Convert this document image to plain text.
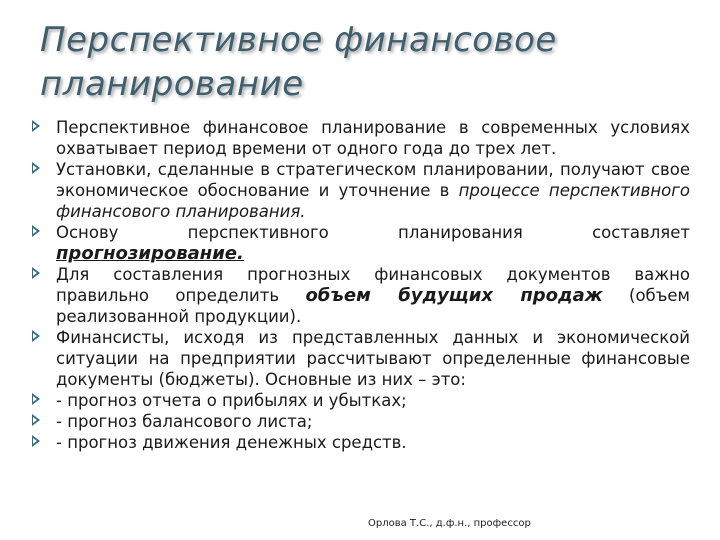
Перспективное финансовое
планирование
Перспективное финансовое планирование в современных условиях охватывает период времени от одного года до трех лет.
Установки, сделанные в стратегическом планировании, получают свое экономическое обоснование и уточнение в процессе перспективного финансового планирования.
Основу перспективного планирования составляет прогнозирование.
Для составления прогнозных финансовых документов важно правильно определить объем будущих продаж (объем реализованной продукции).
Финансисты, исходя из представленных данных и экономической ситуации на предприятии рассчитывают определенные финансовые документы (бюджеты). Основные из них – это:
- прогноз отчета о прибылях и убытках;
- прогноз балансового листа;
- прогноз движения денежных средств.
Орлова Т.С., д.ф.н., профессор
